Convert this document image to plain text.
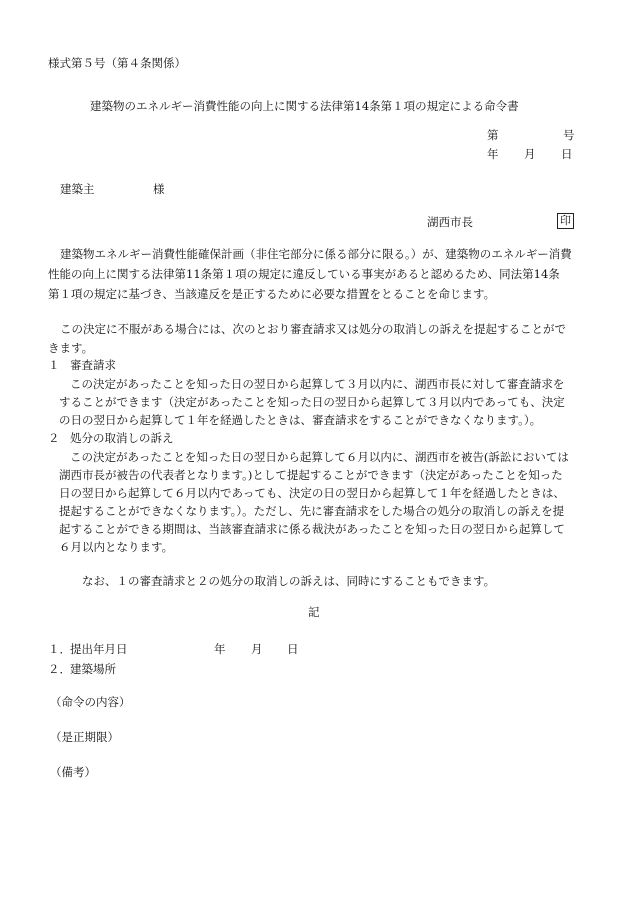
様式第５号（第４条関係）
建築物のエネルギー消費性能の向上に関する法律第14条第１項の規定による命令書
第	号
年 月 日
建築主	様
湖西市長	印
建築物エネルギー消費性能確保計画（非住宅部分に係る部分に限る。）が、建築物のエネルギー消費
性能の向上に関する法律第11条第１項の規定に違反している事実があると認めるため、同法第14条
第１項の規定に基づき、当該違反を是正するために必要な措置をとることを命じます。
この決定に不服がある場合には、次のとおり審査請求又は処分の取消しの訴えを提起することがで
きます。
１ 審査請求
この決定があったことを知った日の翌日から起算して３月以内に、湖西市長に対して審査請求を
することができます（決定があったことを知った日の翌日から起算して３月以内であっても、決定
の日の翌日から起算して１年を経過したときは、審査請求をすることができなくなります。）。
２ 処分の取消しの訴え
この決定があったことを知った日の翌日から起算して６月以内に、湖西市を被告(訴訟においては
湖西市長が被告の代表者となります。)として提起することができます（決定があったことを知った
日の翌日から起算して６月以内であっても、決定の日の翌日から起算して１年を経過したときは、
提起することができなくなります。）。ただし、先に審査請求をした場合の処分の取消しの訴えを提
起することができる期間は、当該審査請求に係る裁決があったことを知った日の翌日から起算して
６月以内となります。
なお、１の審査請求と２の処分の取消しの訴えは、同時にすることもできます。
記
１． 提出年月日	年 月 日
２． 建築場所
（命令の内容）
（是正期限）
（備考）
